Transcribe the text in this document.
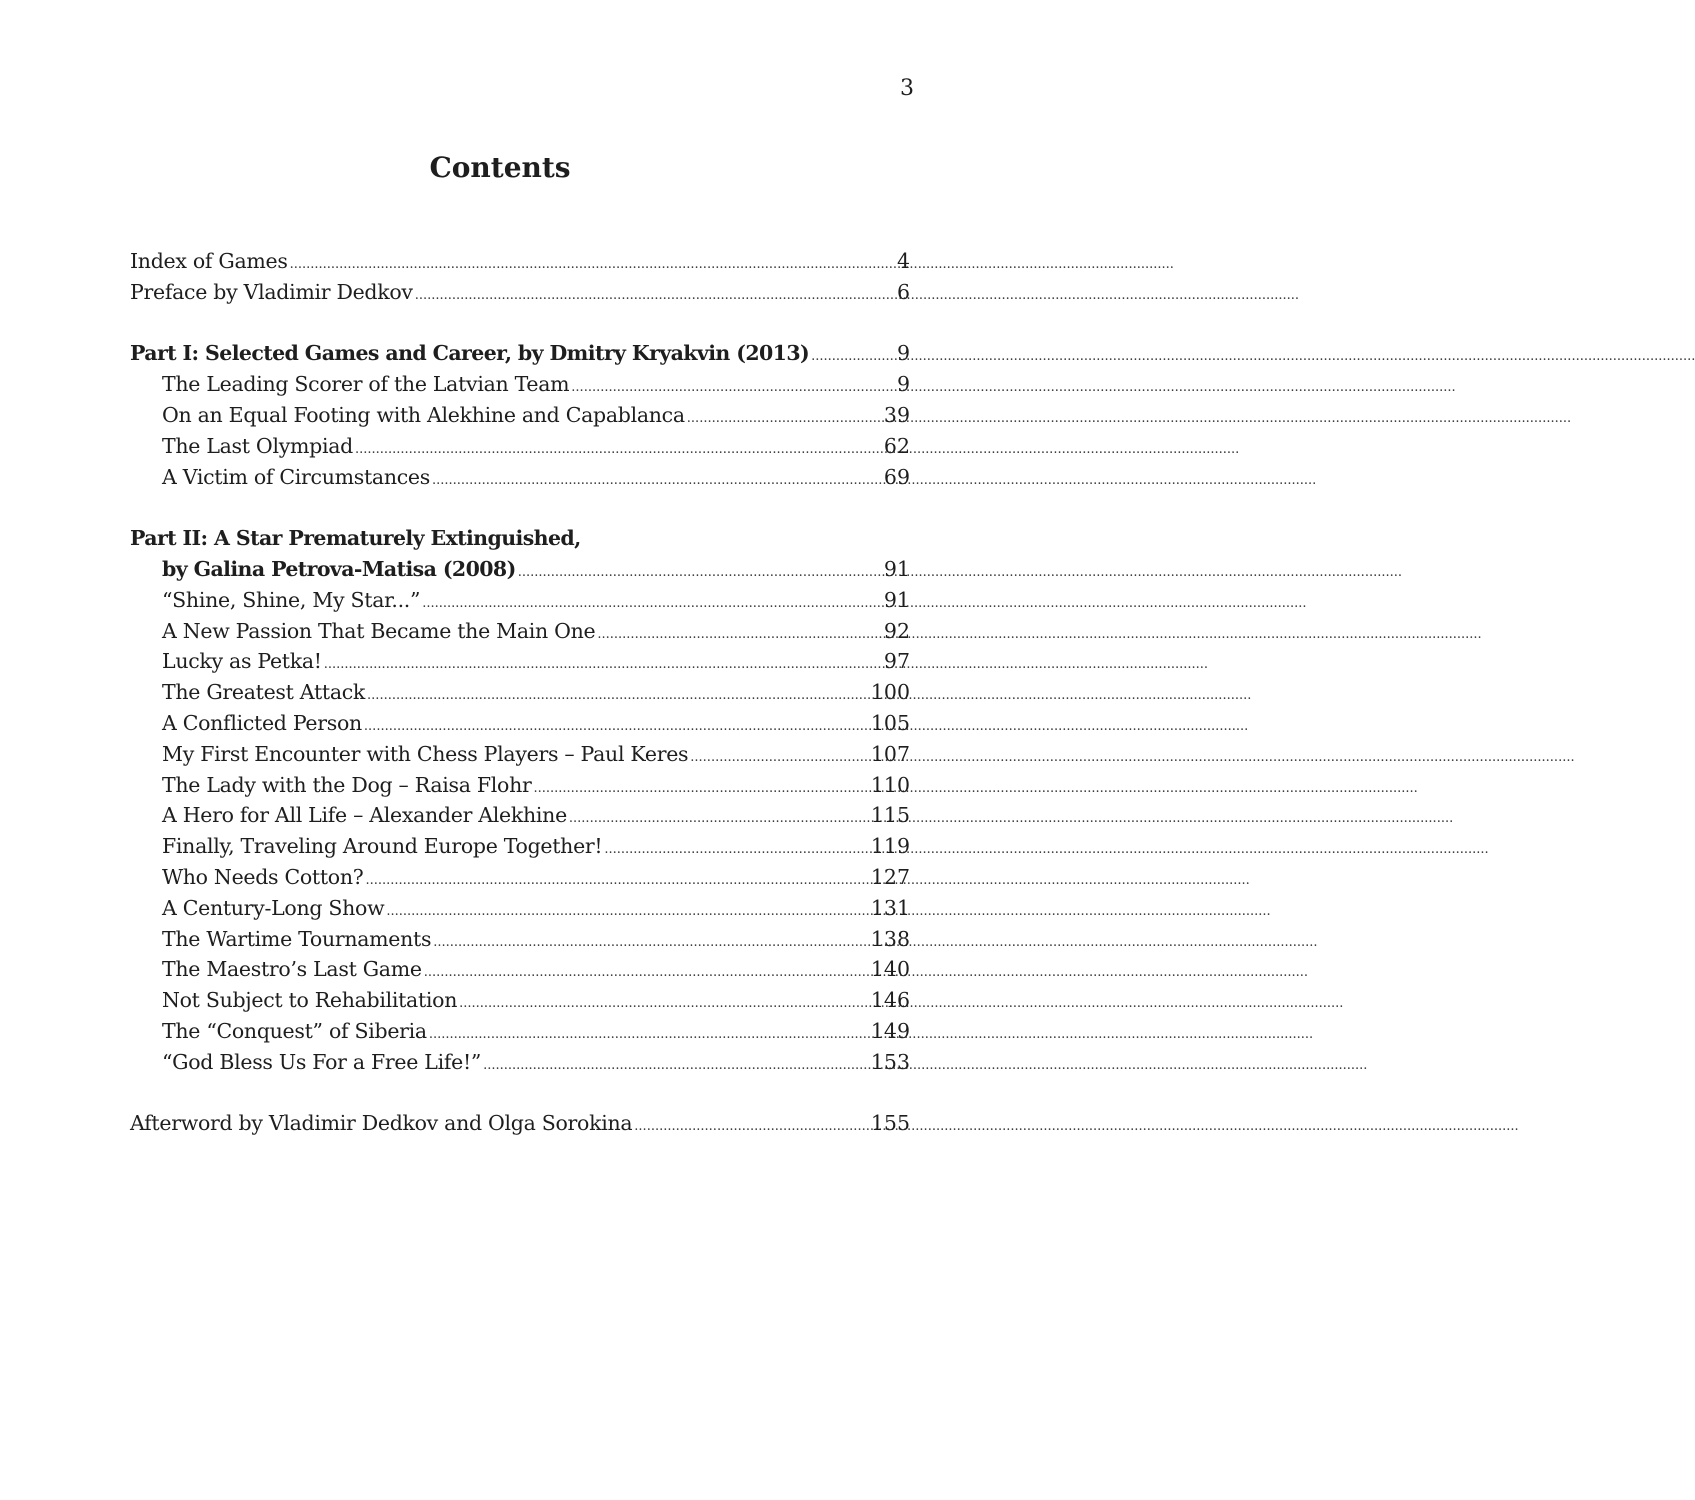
3
Contents
Index of Games .....	4
Preface by Vladimir Dedkov .....	6
Part I: Selected Games and Career, by Dmitry Kryakvin (2013) .....	9
The Leading Scorer of the Latvian Team .....	9
On an Equal Footing with Alekhine and Capablanca .....	39
The Last Olympiad .....	62
A Victim of Circumstances .....	69
Part II: A Star Prematurely Extinguished,
by Galina Petrova-Matisa (2008) .....	91
“Shine, Shine, My Star...” .....	91
A New Passion That Became the Main One .....	92
Lucky as Petka! .....	97
The Greatest Attack .....	100
A Conflicted Person .....	105
My First Encounter with Chess Players – Paul Keres .....	107
The Lady with the Dog – Raisa Flohr .....	110
A Hero for All Life – Alexander Alekhine .....	115
Finally, Traveling Around Europe Together! .....	119
Who Needs Cotton? .....	127
A Century-Long Show .....	131
The Wartime Tournaments .....	138
The Maestro’s Last Game .....	140
Not Subject to Rehabilitation .....	146
The “Conquest” of Siberia .....	149
“God Bless Us For a Free Life!” .....	153
Afterword by Vladimir Dedkov and Olga Sorokina .....	155
